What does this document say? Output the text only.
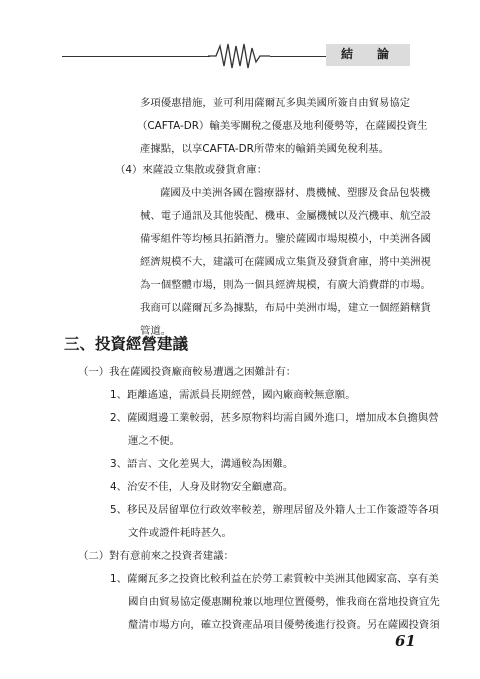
結　論
多項優惠措施，並可利用薩爾瓦多與美國所簽自由貿易協定
（CAFTA-DR）輸美零關稅之優惠及地利優勢等，在薩國投資生
產據點，以享CAFTA-DR所帶來的輸銷美國免稅利基。
（4）來薩設立集散或發貨倉庫：
薩國及中美洲各國在醫療器材、農機械、塑膠及食品包裝機
械、電子通訊及其他裝配、機車、金屬機械以及汽機車、航空設
備零組件等均極具拓銷潛力。鑒於薩國市場規模小，中美洲各國
經濟規模不大，建議可在薩國成立集貨及發貨倉庫，將中美洲視
為一個整體市場，則為一個具經濟規模，有廣大消費群的市場。
我商可以薩爾瓦多為據點，布局中美洲市場，建立一個經銷轄貨
管道。
三、投資經營建議
（一）我在薩國投資廠商較易遭遇之困難計有：
1、距離遙遠，需派員長期經營，國內廠商較無意願。
2、薩國週邊工業較弱，甚多原物料均需自國外進口，增加成本負擔與營
運之不便。
3、語言、文化差異大，溝通較為困難。
4、治安不佳，人身及財物安全顧慮高。
5、移民及居留單位行政效率較差，辦理居留及外籍人士工作簽證等各項
文件或證件耗時甚久。
（二）對有意前來之投資者建議：
1、薩爾瓦多之投資比較利益在於勞工素質較中美洲其他國家高、享有美
國自由貿易協定優惠關稅兼以地理位置優勢，惟我商在當地投資宜先
釐清市場方向，確立投資產品項目優勢後進行投資。另在薩國投資須
61
